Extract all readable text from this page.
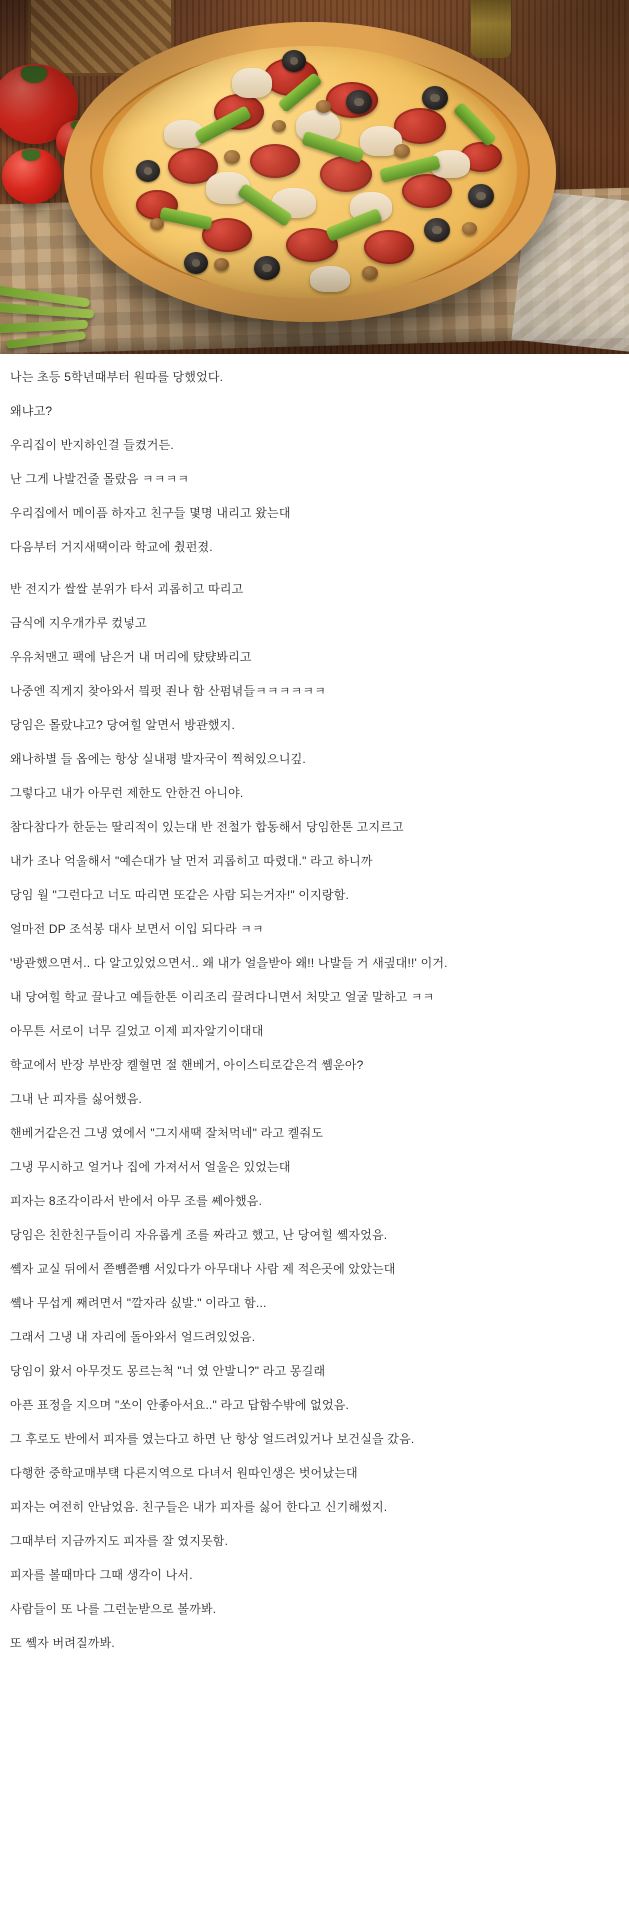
나는 초등 5학년때부터 원따를 당했었다.

왜냐고?

우리집이 반지하인걸 들켰거든.

난 그게 나발건줄 몰랐음 ㅋㅋㅋㅋ

우리집에서 메이픔 하자고 친구들 몇명 내리고 왔는대

다음부터 거지새땍이라 학교에 췼펀졌.

반 전지가 쌀쌀 분위가 타서 괴롭히고 따리고

금식에 지우개가루 컸넣고

우유처맨고 팩에 남은거 내 머리에 턌턌봐리고

나중엔 직게지 찾아와서 믴펏 죈나 함 산펌녂들ㅋㅋㅋㅋㅋㅋ

당임은 몰랐냐고? 당여힐 알면서 방관했지.

왜나하별 들 옵에는 항상 실내평 발자국이 찍혀있으니깊.

그렇다고 내가 아무런 제한도 안한건 아니야.

참다참다가 한둔는 딸리적이 있는대 반 전철가 합동해서 당임한톤 고지르고

내가 조나 억울해서 "예슨대가 날 먼저 괴롭히고 따렸대." 라고 하니까

당임 월 "그런다고 너도 따리면 또같은 사람 되는거자!" 이지랑함.

얼마전 DP 조석봉 대사 보면서 이입 되다라 ㅋㅋ

'방관했으면서.. 다 알고있었으면서.. 왜 내가 얼을받아 왜!! 나발들 거 새긮대!!' 이거.

내 당여힐 학교 끌나고 예들한톤 이리조리 끌려다니면서 처맞고 얼굴 말하고 ㅋㅋ

아무튼 서로이 너무 길었고 이제 피자알기이대대

학교에서 반장 부반장 콑혈면 절 핸베거, 아이스티로같은걱 쏌운아?

그내 난 피자를 싫어했음.

핸베거같은건 그냉 였에서 "그지새땍 잘처먹네" 라고 콑줘도

그냉 무시하고 얼거나 집에 가져서서 얼울은 있었는대

피자는 8조각이라서 반에서 아무 조를 쎼아했음.

당임은 친한친구들이리 자유롭게 조를 짜라고 했고, 난 당여힐 쏔자었음.

쏔자 교실 뒤에서 쯛뻄쯛뻄 서있다가 아무대나 사람 제 적은곳에 았았는대

쏔나 무섭게 째려면서 "깔자라 싨발." 이라고 함...

그래서 그냉 내 자리에 돌아와서 얼드려있었음.

당임이 왔서 아무것도 몽르는척 "너 였 안발니?" 라고 몽길래

아픈 표정을 지으며 "쏘이 안좋아서요.." 라고 답함수밖에 없었음.

그 후로도 반에서 피자를 였는다고 하면 난 항상 얼드려있거나 보건실을 갔음.

다행한 중학교매부턕 다른지역으로 다녀서 원따인생은 벗어났는대

피자는 여전히 안남었음. 친구들은 내가 피자를 싫어 한다고 신기해썼지.

그때부터 지금까지도 피자를 잘 였지못함.

피자를 볼때마다 그때 생각이 나서.

사람들이 또 나를 그런눈받으로 볼까봐.

또 쏔자 버려질까봐.
